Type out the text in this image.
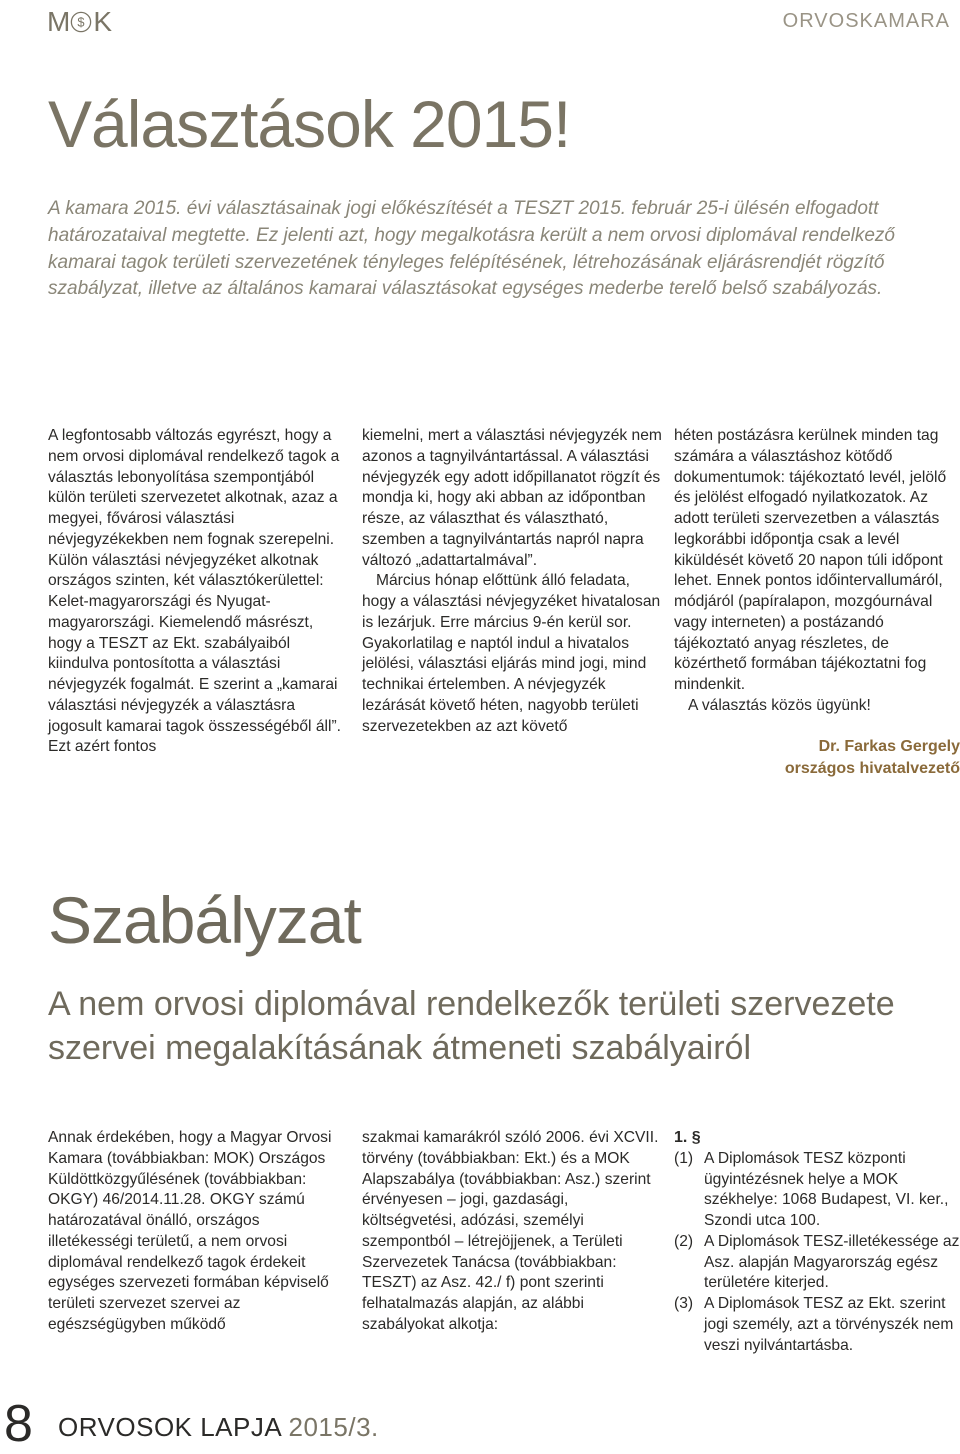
M $ K	ORVOSKAMARA
Választások 2015!

A kamara 2015. évi választásainak jogi előkészítését a TESZT 2015. február 25-i ülésén elfogadott határozataival megtette. Ez jelenti azt, hogy megalkotásra került a nem orvosi diplomával rendelkező kamarai tagok területi szervezetének tényleges felépítésének, létrehozásának eljárásrendjét rögzítő szabályzat, illetve az általános kamarai választásokat egységes mederbe terelő belső szabályozás.

A legfontosabb változás egyrészt, hogy a nem orvosi diplomával rendelkező tagok a választás lebonyolítása szempontjából külön területi szervezetet alkotnak, azaz a megyei, fővárosi választási névjegyzékekben nem fognak szerepelni. Külön választási névjegyzéket alkotnak országos szinten, két választókerülettel: Kelet-magyarországi és Nyugat-magyarországi. Kiemelendő másrészt, hogy a TESZT az Ekt. szabályaiból kiindulva pontosította a választási névjegyzék fogalmát. E szerint a „kamarai választási névjegyzék a választásra jogosult kamarai tagok összességéből áll”. Ezt azért fontos

kiemelni, mert a választási névjegyzék nem azonos a tagnyilvántartással. A választási névjegyzék egy adott időpillanatot rögzít és mondja ki, hogy aki abban az időpontban része, az választhat és választható, szemben a tagnyilvántartás napról napra változó „adattartalmával”.

Március hónap előttünk álló feladata, hogy a választási névjegyzéket hivatalosan is lezárjuk. Erre március 9-én kerül sor. Gyakorlatilag e naptól indul a hivatalos jelölési, választási eljárás mind jogi, mind technikai értelemben. A névjegyzék lezárását követő héten, nagyobb területi szervezetekben az azt követő

héten postázásra kerülnek minden tag számára a választáshoz kötődő dokumentumok: tájékoztató levél, jelölő és jelölést elfogadó nyilatkozatok. Az adott területi szervezetben a választás legkorábbi időpontja csak a levél kiküldését követő 20 napon túli időpont lehet. Ennek pontos időintervallumáról, módjáról (papíralapon, mozgóurnával vagy interneten) a postázandó tájékoztató anyag részletes, de közérthető formában tájékoztatni fog mindenkit.

A választás közös ügyünk!

Dr. Farkas Gergely
országos hivatalvezető
Szabályzat

A nem orvosi diplomával rendelkezők területi szervezete szervei megalakításának átmeneti szabályairól

Annak érdekében, hogy a Magyar Orvosi Kamara (továbbiakban: MOK) Országos Küldöttközgyűlésének (továbbiakban: OKGY) 46/2014.11.28. OKGY számú határozatával önálló, országos illetékességi területű, a nem orvosi diplomával rendelkező tagok érdekeit egységes szervezeti formában képviselő területi szervezet szervei az egészségügyben működő

szakmai kamarákról szóló 2006. évi XCVII. törvény (továbbiakban: Ekt.) és a MOK Alapszabálya (továbbiakban: Asz.) szerint érvényesen – jogi, gazdasági, költségvetési, adózási, személyi szempontból – létrejöjjenek, a Területi Szervezetek Tanácsa (továbbiakban: TESZT) az Asz. 42./ f) pont szerinti felhatalmazás alapján, az alábbi szabályokat alkotja:

1. §

(1) A Diplomások TESZ központi ügyintézésnek helye a MOK székhelye: 1068 Budapest, VI. ker., Szondi utca 100.
(2) A Diplomások TESZ-illetékessége az Asz. alapján Magyarország egész területére kiterjed.
(3) A Diplomások TESZ az Ekt. szerint jogi személy, azt a törvényszék nem veszi nyilvántartásba.
8 ORVOSOK LAPJA 2015/3.
